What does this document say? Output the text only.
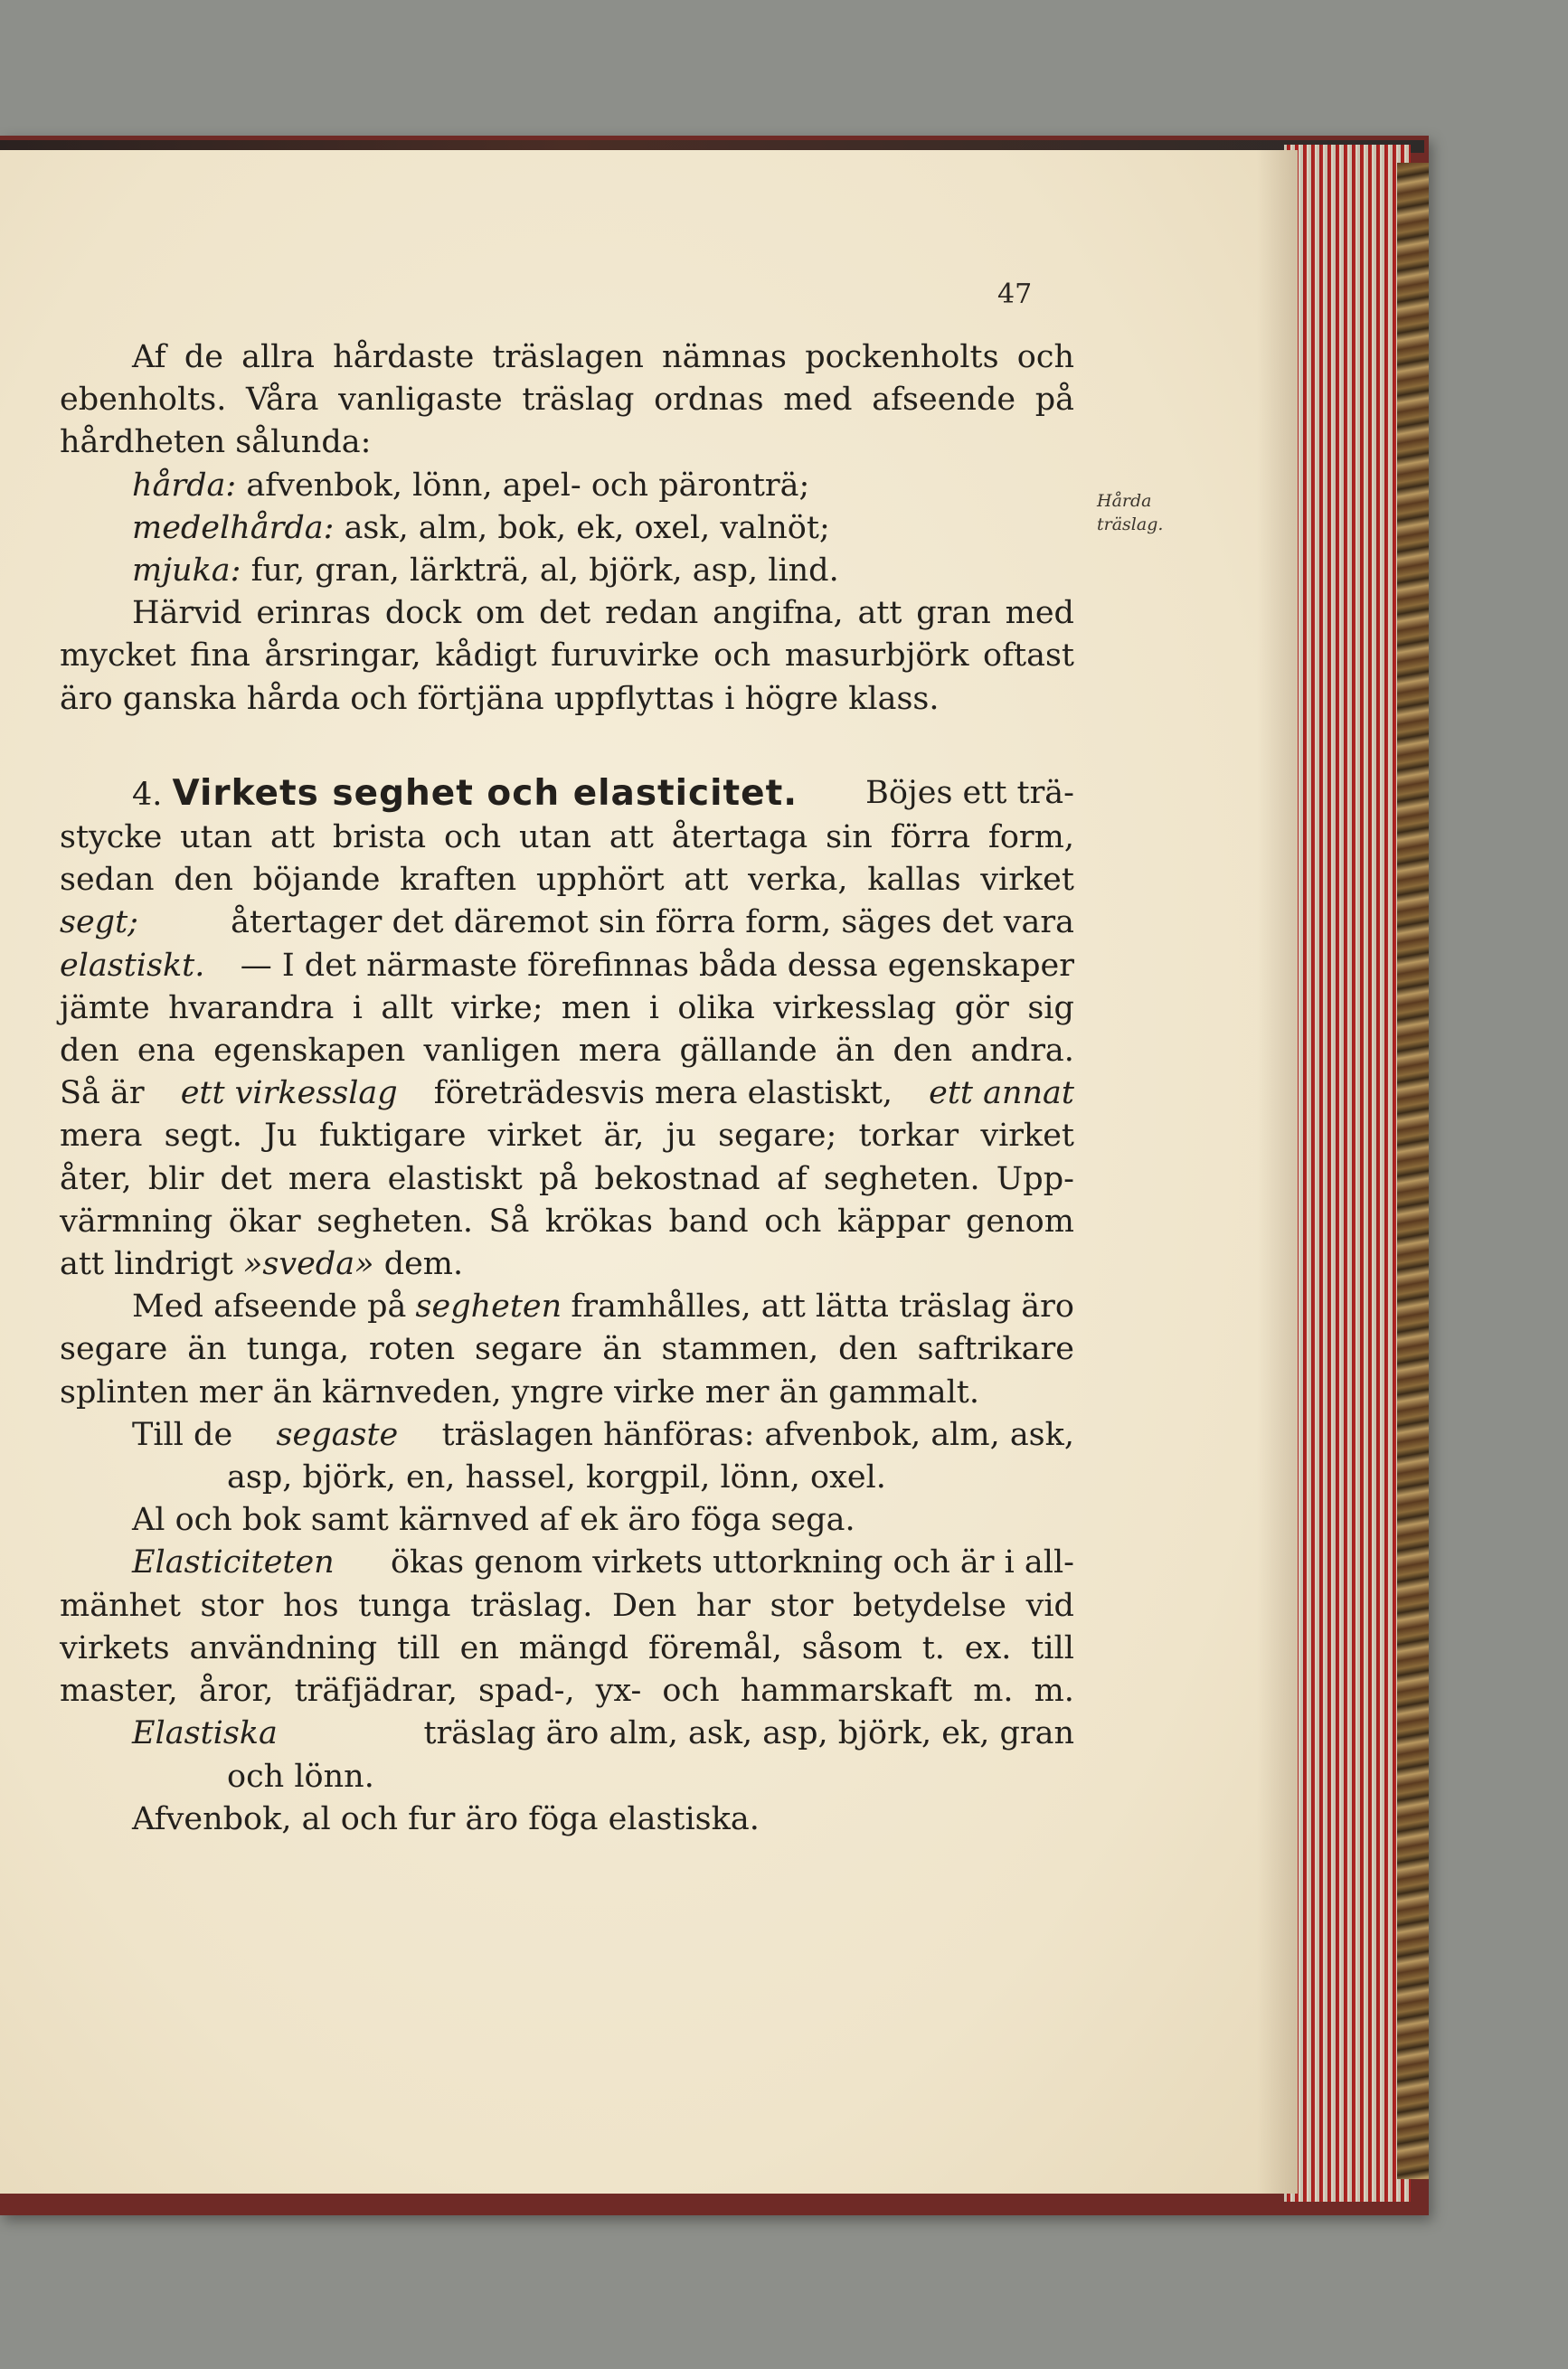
47
Hårda
träslag.

Af de allra hårdaste träslagen nämnas pockenholts och
ebenholts. Våra vanligaste träslag ordnas med afseende på
hårdheten sålunda:

hårda: afvenbok, lönn, apel- och päronträ;
medelhårda: ask, alm, bok, ek, oxel, valnöt;
mjuka: fur, gran, lärkträ, al, björk, asp, lind.

Härvid erinras dock om det redan angifna, att gran med
mycket fina årsringar, kådigt furuvirke och masurbjörk oftast
äro ganska hårda och förtjäna uppflyttas i högre klass.

4. Virkets seghet och elasticitet. Böjes ett trä-
stycke utan att brista och utan att återtaga sin förra form,
sedan den böjande kraften upphört att verka, kallas virket
segt;	återtager det däremot sin förra form, säges det vara
elastiskt. — I det närmaste förefinnas båda dessa egenskaper
jämte hvarandra i allt virke; men i olika virkesslag gör sig
den ena egenskapen vanligen mera gällande än den andra.
Så är ett virkesslag företrädesvis mera elastiskt, ett annat
mera segt. Ju fuktigare virket är, ju segare; torkar virket
åter, blir det mera elastiskt på bekostnad af segheten. Upp-
värmning ökar segheten. Så krökas band och käppar genom
att lindrigt »sveda» dem.

Med afseende på segheten framhålles, att lätta träslag äro
segare än tunga, roten segare än stammen, den saftrikare
splinten mer än kärnveden, yngre virke mer än gammalt.

Till de segaste träslagen hänföras: afvenbok, alm, ask,
asp, björk, en, hassel, korgpil, lönn, oxel.

Al och bok samt kärnved af ek äro föga sega.

Elasticiteten ökas genom virkets uttorkning och är i all-
mänhet stor hos tunga träslag. Den har stor betydelse vid
virkets användning till en mängd föremål, såsom t. ex. till
master, åror, träfjädrar, spad-, yx- och hammarskaft m. m.

Elastiska	träslag äro alm, ask, asp, björk, ek, gran
och lönn.

Afvenbok, al och fur äro föga elastiska.
